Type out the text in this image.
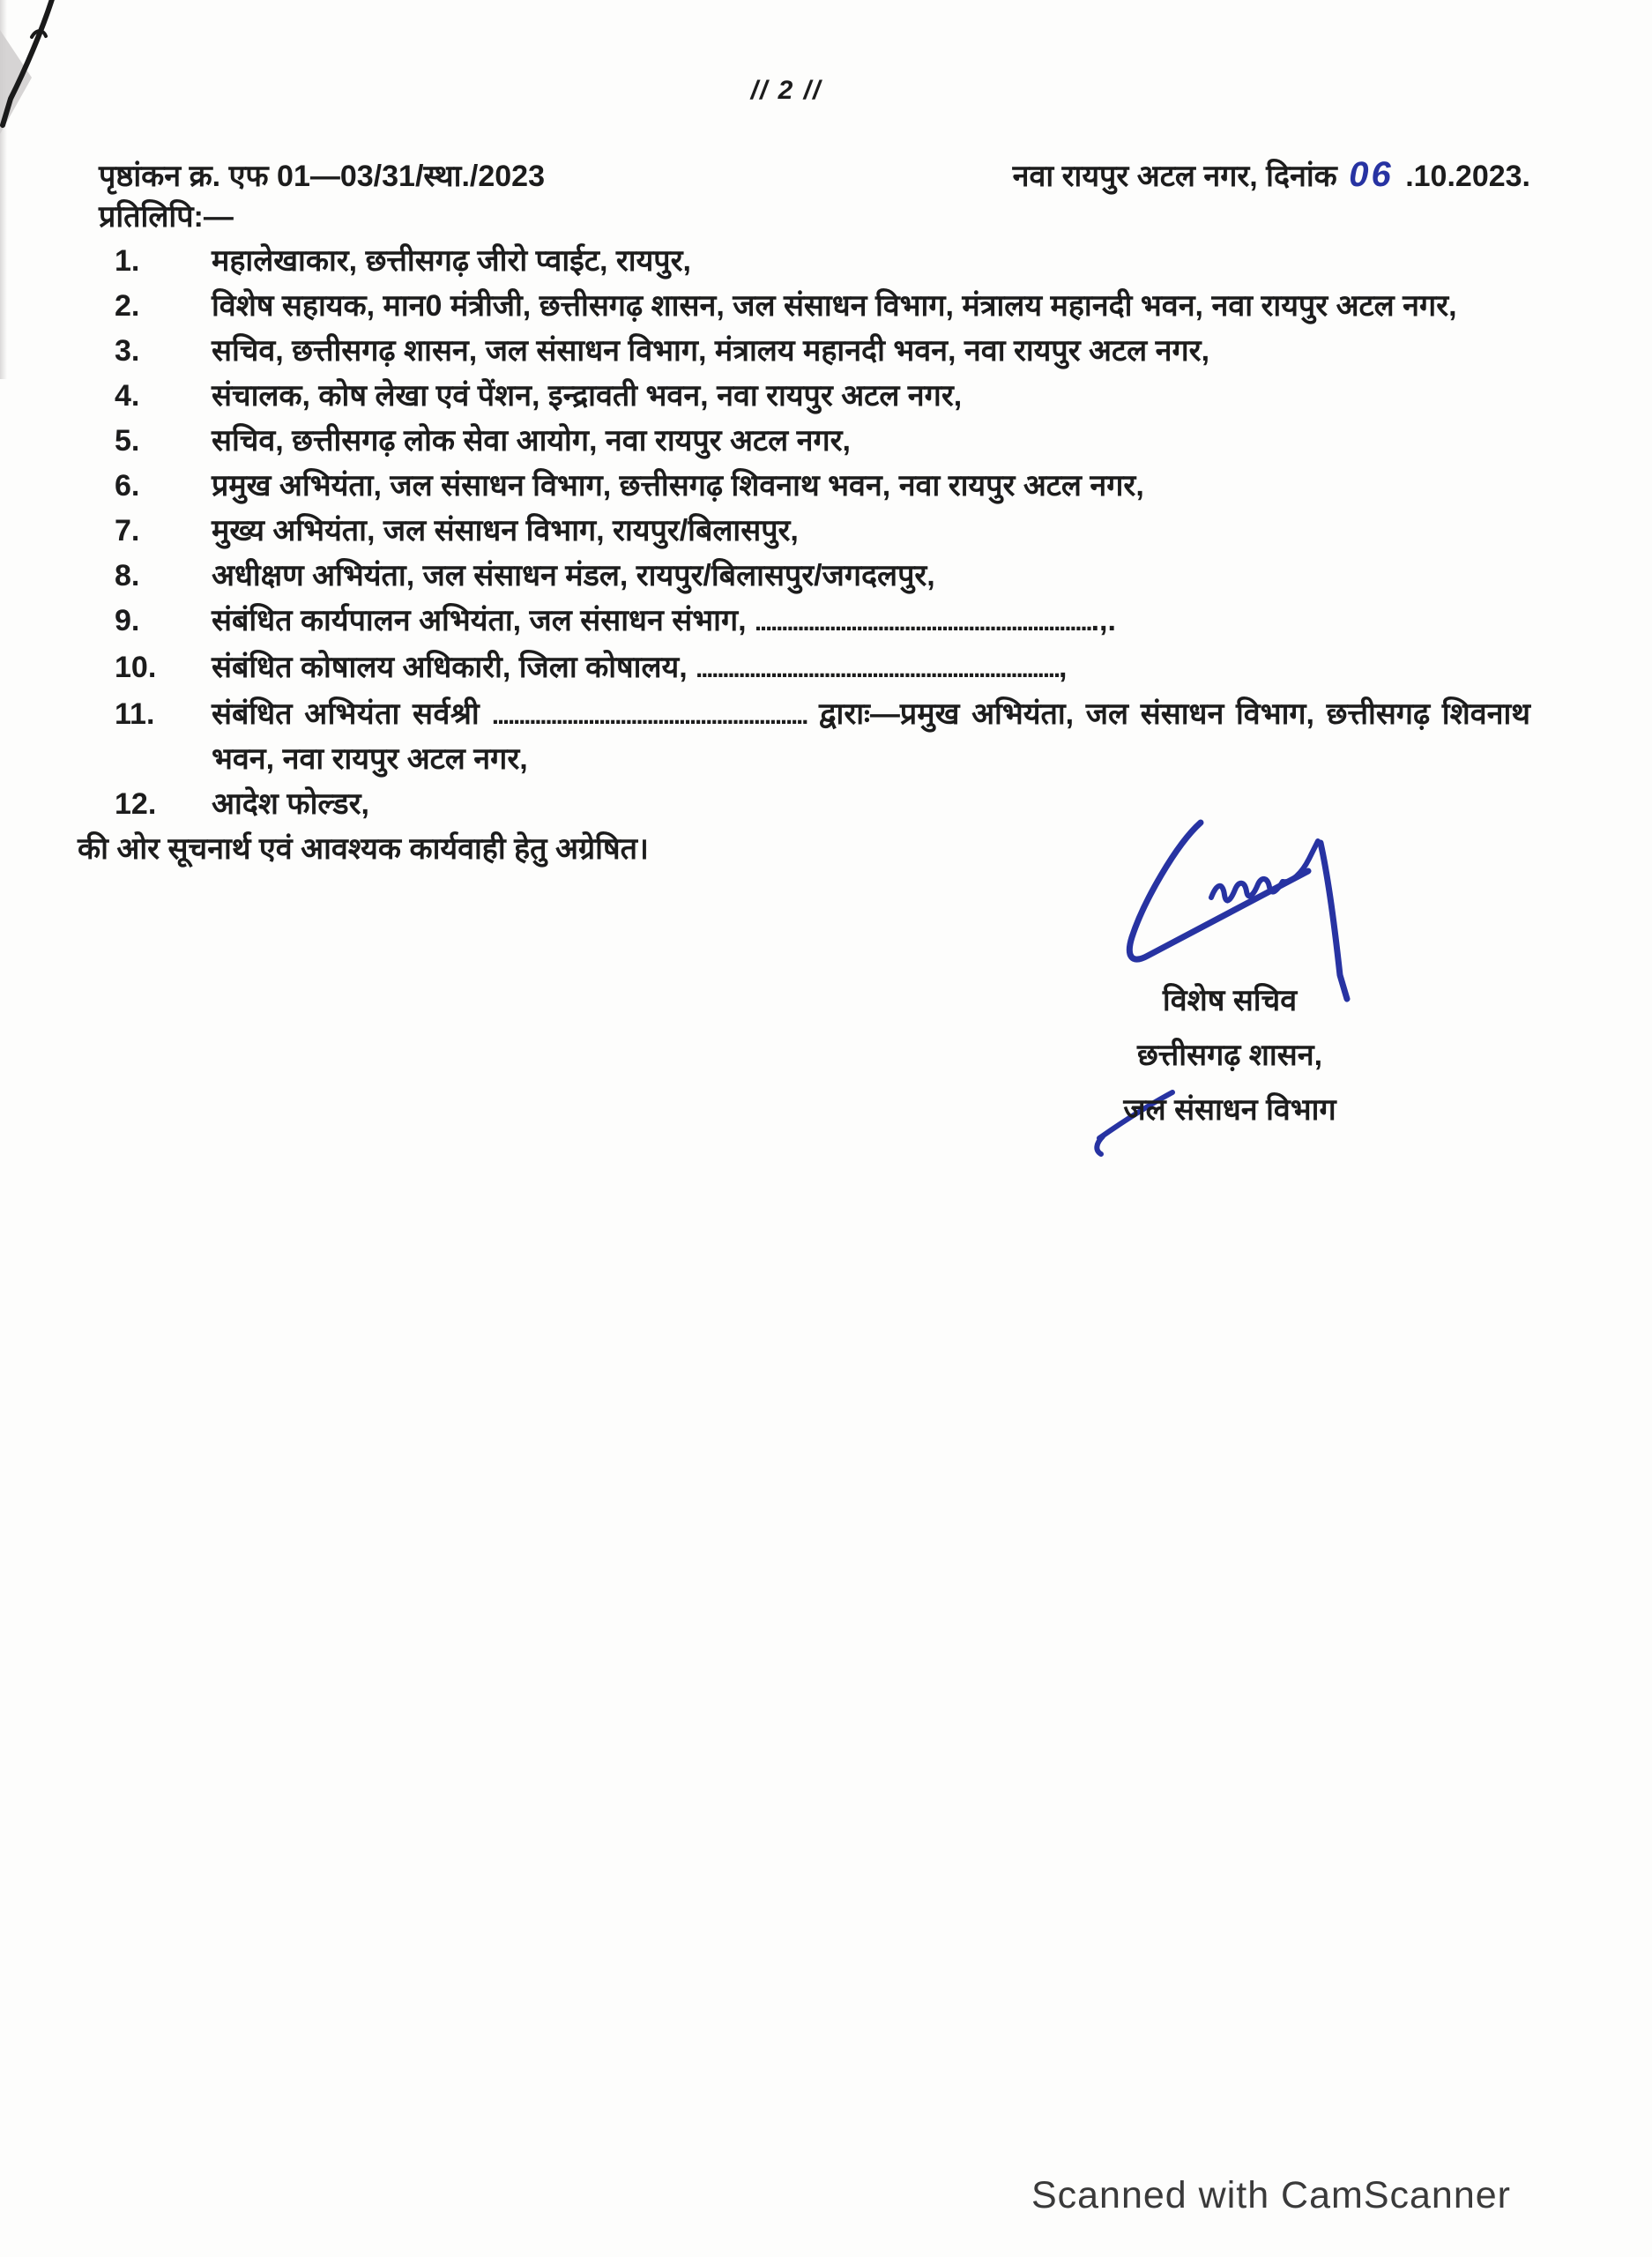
// 2 //
पृष्ठांकन क्र. एफ 01—03/31/स्था./2023	नवा रायपुर अटल नगर, दिनांक 06 .10.2023.
प्रतिलिपि:—
1.	महालेखाकार, छत्तीसगढ़ जीरो प्वाईट, रायपुर,
2.	विशेष सहायक, मान0 मंत्रीजी, छत्तीसगढ़ शासन, जल संसाधन विभाग, मंत्रालय महानदी भवन, नवा रायपुर अटल नगर,
3.	सचिव, छत्तीसगढ़ शासन, जल संसाधन विभाग, मंत्रालय महानदी भवन, नवा रायपुर अटल नगर,
4.	संचालक, कोष लेखा एवं पेंशन, इन्द्रावती भवन, नवा रायपुर अटल नगर,
5.	सचिव, छत्तीसगढ़ लोक सेवा आयोग, नवा रायपुर अटल नगर,
6.	प्रमुख अभियंता, जल संसाधन विभाग, छत्तीसगढ़ शिवनाथ भवन, नवा रायपुर अटल नगर,
7.	मुख्य अभियंता, जल संसाधन विभाग, रायपुर/बिलासपुर,
8.	अधीक्षण अभियंता, जल संसाधन मंडल, रायपुर/बिलासपुर/जगदलपुर,
9.	संबंधित कार्यपालन अभियंता, जल संसाधन संभाग, ................................................................,.
10.	संबंधित कोषालय अधिकारी, जिला कोषालय, ....................................................................,
11.	संबंधित अभियंता सर्वश्री ........................................................... द्वाराः—प्रमुख अभियंता, जल संसाधन विभाग, छत्तीसगढ़ शिवनाथ भवन, नवा रायपुर अटल नगर,
12.	आदेश फोल्डर,
की ओर सूचनार्थ एवं आवश्यक कार्यवाही हेतु अग्रेषित।
विशेष सचिव
छत्तीसगढ़ शासन,
जल संसाधन विभाग
Scanned with CamScanner
